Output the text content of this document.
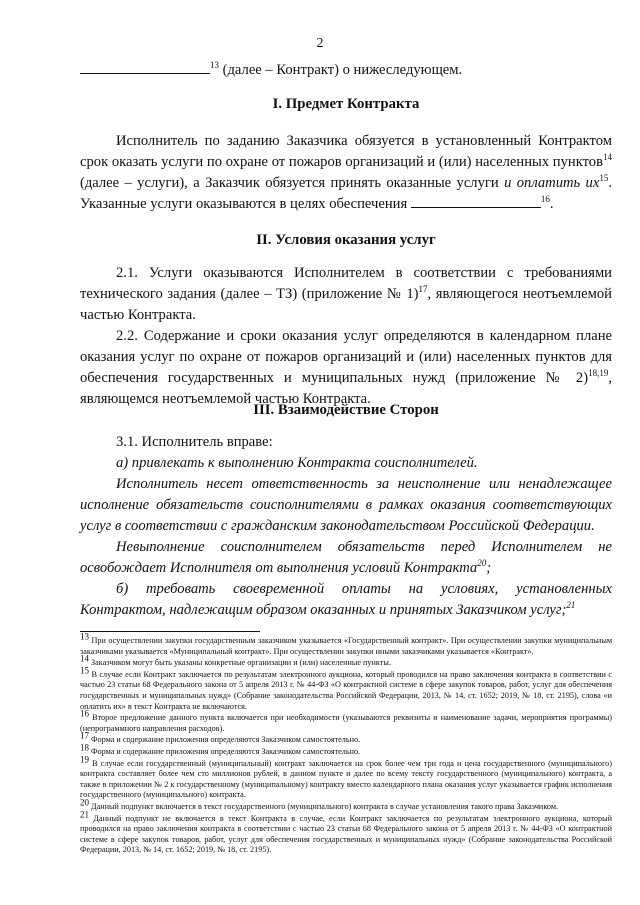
2

$^{13}$ (далее – Контракт) о нижеследующем.

I. Предмет Контракта

Исполнитель по заданию Заказчика обязуется в установленный Контрактом срок оказать услуги по охране от пожаров организаций и (или) населенных пунктов$^{14}$ (далее – услуги), а Заказчик обязуется принять оказанные услуги и оплатить $их^{15}$. Указанные услуги оказываются в целях обеспечения	$^{16}$.

II. Условия оказания услуг

2.1. Услуги оказываются Исполнителем в соответствии с требованиями технического задания (далее – ТЗ) (приложение № 1)$^{17}$, являющегося неотъемлемой частью Контракта.

2.2. Содержание и сроки оказания услуг определяются в календарном плане оказания услуг по охране от пожаров организаций и (или) населенных пунктов для обеспечения государственных и муниципальных нужд (приложение № 2)$^{18,19}$, являющемся неотъемлемой частью Контракта.

III. Взаимодействие Сторон

3.1. Исполнитель вправе:

а) привлекать к выполнению Контракта соисполнителей.

Исполнитель несет ответственность за неисполнение или ненадлежащее исполнение обязательств соисполнителями в рамках оказания соответствующих услуг в соответствии с гражданским законодательством Российской Федерации.

Невыполнение соисполнителем обязательств перед Исполнителем не освобождает Исполнителя от выполнения условий Контракта$^{20}$;

б) требовать своевременной оплаты на условиях, установленных Контрактом, надлежащим образом оказанных и принятых Заказчиком услуг;$^{21}$

$^{13}$ При осуществлении закупки государственным заказчиком указывается «Государственный контракт». При осуществлении закупки муниципальным заказчиками указывается «Муниципальный контракт». При осуществлении закупки иными заказчиками указывается «Контракт».

$^{14}$ Заказчиком могут быть указаны конкретные организации и (или) населенные пункты.

$^{15}$ В случае если Контракт заключается по результатам электронного аукциона, который проводился на право заключения контракта в соответствии с частью 23 статьи 68 Федерального закона от 5 апреля 2013 г. № 44-ФЗ «О контрактной системе в сфере закупок товаров, работ, услуг для обеспечения государственных и муниципальных нужд» (Собрание законодательства Российской Федерации, 2013, № 14, ст. 1652; 2019, № 18, ст. 2195), слова «и оплатить их» в текст Контракта не включаются.

$^{16}$ Второе предложение данного пункта включается при необходимости (указываются реквизиты и наименование задачи, мероприятия программы) (непрограммного направления расходов).

$^{17}$ Форма и содержание приложения определяются Заказчиком самостоятельно.

$^{18}$ Форма и содержание приложения определяются Заказчиком самостоятельно.

$^{19}$ В случае если государственный (муниципальный) контракт заключается на срок более чем три года и цена государственного (муниципального) контракта составляет более чем сто миллионов рублей, в данном пункте и далее по всему тексту государственного (муниципального) контракта, а также в приложении № 2 к государственному (муниципальному) контракту вместо календарного плана оказания услуг указывается график исполнения государственного (муниципального) контракта.

$^{20}$ Данный подпункт включается в текст государственного (муниципального) контракта в случае установления такого права Заказчиком.

$^{21}$ Данный подпункт не включается в текст Контракта в случае, если Контракт заключается по результатам электронного аукциона, который проводился на право заключения контракта в соответствии с частью 23 статьи 68 Федерального закона от 5 апреля 2013 г. № 44-ФЗ «О контрактной системе в сфере закупок товаров, работ, услуг для обеспечения государственных и муниципальных нужд» (Собрание законодательства Российской Федерации, 2013, № 14, ст. 1652; 2019, № 18, ст. 2195).
